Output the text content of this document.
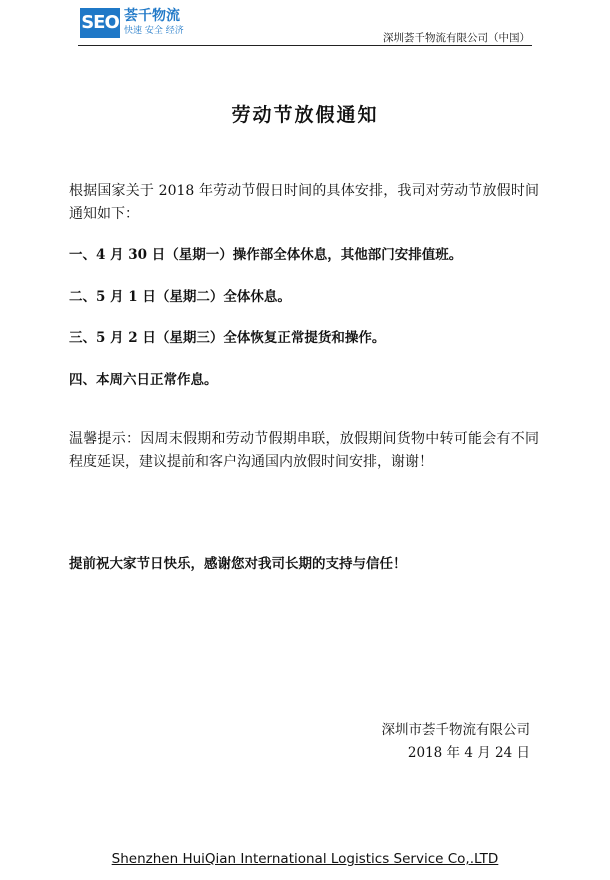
SEO 荟千物流
快速 安全 经济
深圳荟千物流有限公司（中国）
劳动节放假通知
根据国家关于 2018 年劳动节假日时间的具体安排，我司对劳动节放假时间通知如下：
一、4 月 30 日（星期一）操作部全体休息，其他部门安排值班。
二、5 月 1 日（星期二）全体休息。
三、5 月 2 日（星期三）全体恢复正常提货和操作。
四、本周六日正常作息。
温馨提示：因周末假期和劳动节假期串联，放假期间货物中转可能会有不同程度延误，建议提前和客户沟通国内放假时间安排，谢谢！
提前祝大家节日快乐，感谢您对我司长期的支持与信任！
深圳市荟千物流有限公司
2018 年 4 月 24 日
Shenzhen HuiQian International Logistics Service Co,.LTD
